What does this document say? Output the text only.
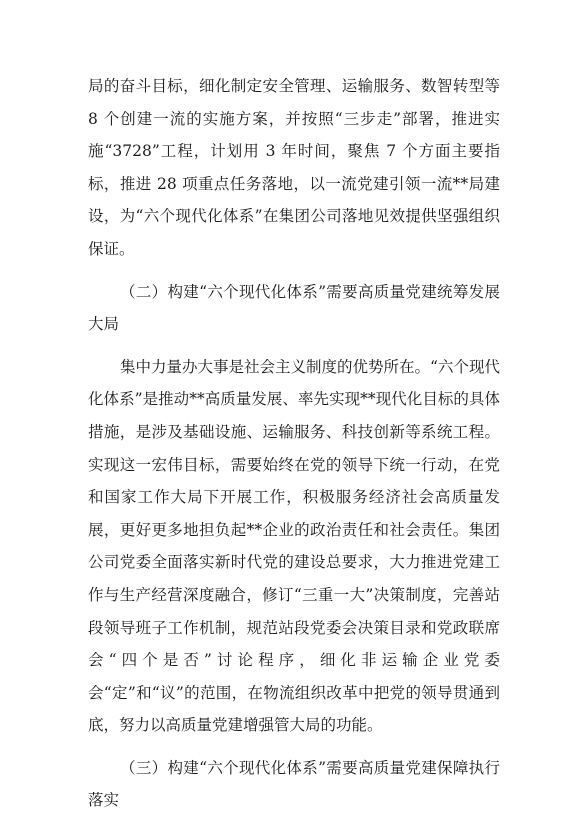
局的奋斗目标，细化制定安全管理、运输服务、数智转型等 8 个创建一流的实施方案，并按照“三步走”部署，推进实施“3728”工程，计划用 3 年时间，聚焦 7 个方面主要指标，推进 28 项重点任务落地，以一流党建引领一流**局建设，为“六个现代化体系”在集团公司落地见效提供坚强组织保证。

（二）构建“六个现代化体系”需要高质量党建统筹发展大局

集中力量办大事是社会主义制度的优势所在。“六个现代化体系”是推动**高质量发展、率先实现**现代化目标的具体措施，是涉及基础设施、运输服务、科技创新等系统工程。实现这一宏伟目标，需要始终在党的领导下统一行动，在党和国家工作大局下开展工作，积极服务经济社会高质量发展，更好更多地担负起**企业的政治责任和社会责任。集团公司党委全面落实新时代党的建设总要求，大力推进党建工作与生产经营深度融合，修订“三重一大”决策制度，完善站段领导班子工作机制，规范站段党委会决策目录和党政联席会“四个是否”讨论程序，细化非运输企业党委会“定”和“议”的范围，在物流组织改革中把党的领导贯通到底，努力以高质量党建增强管大局的功能。

（三）构建“六个现代化体系”需要高质量党建保障执行落实
